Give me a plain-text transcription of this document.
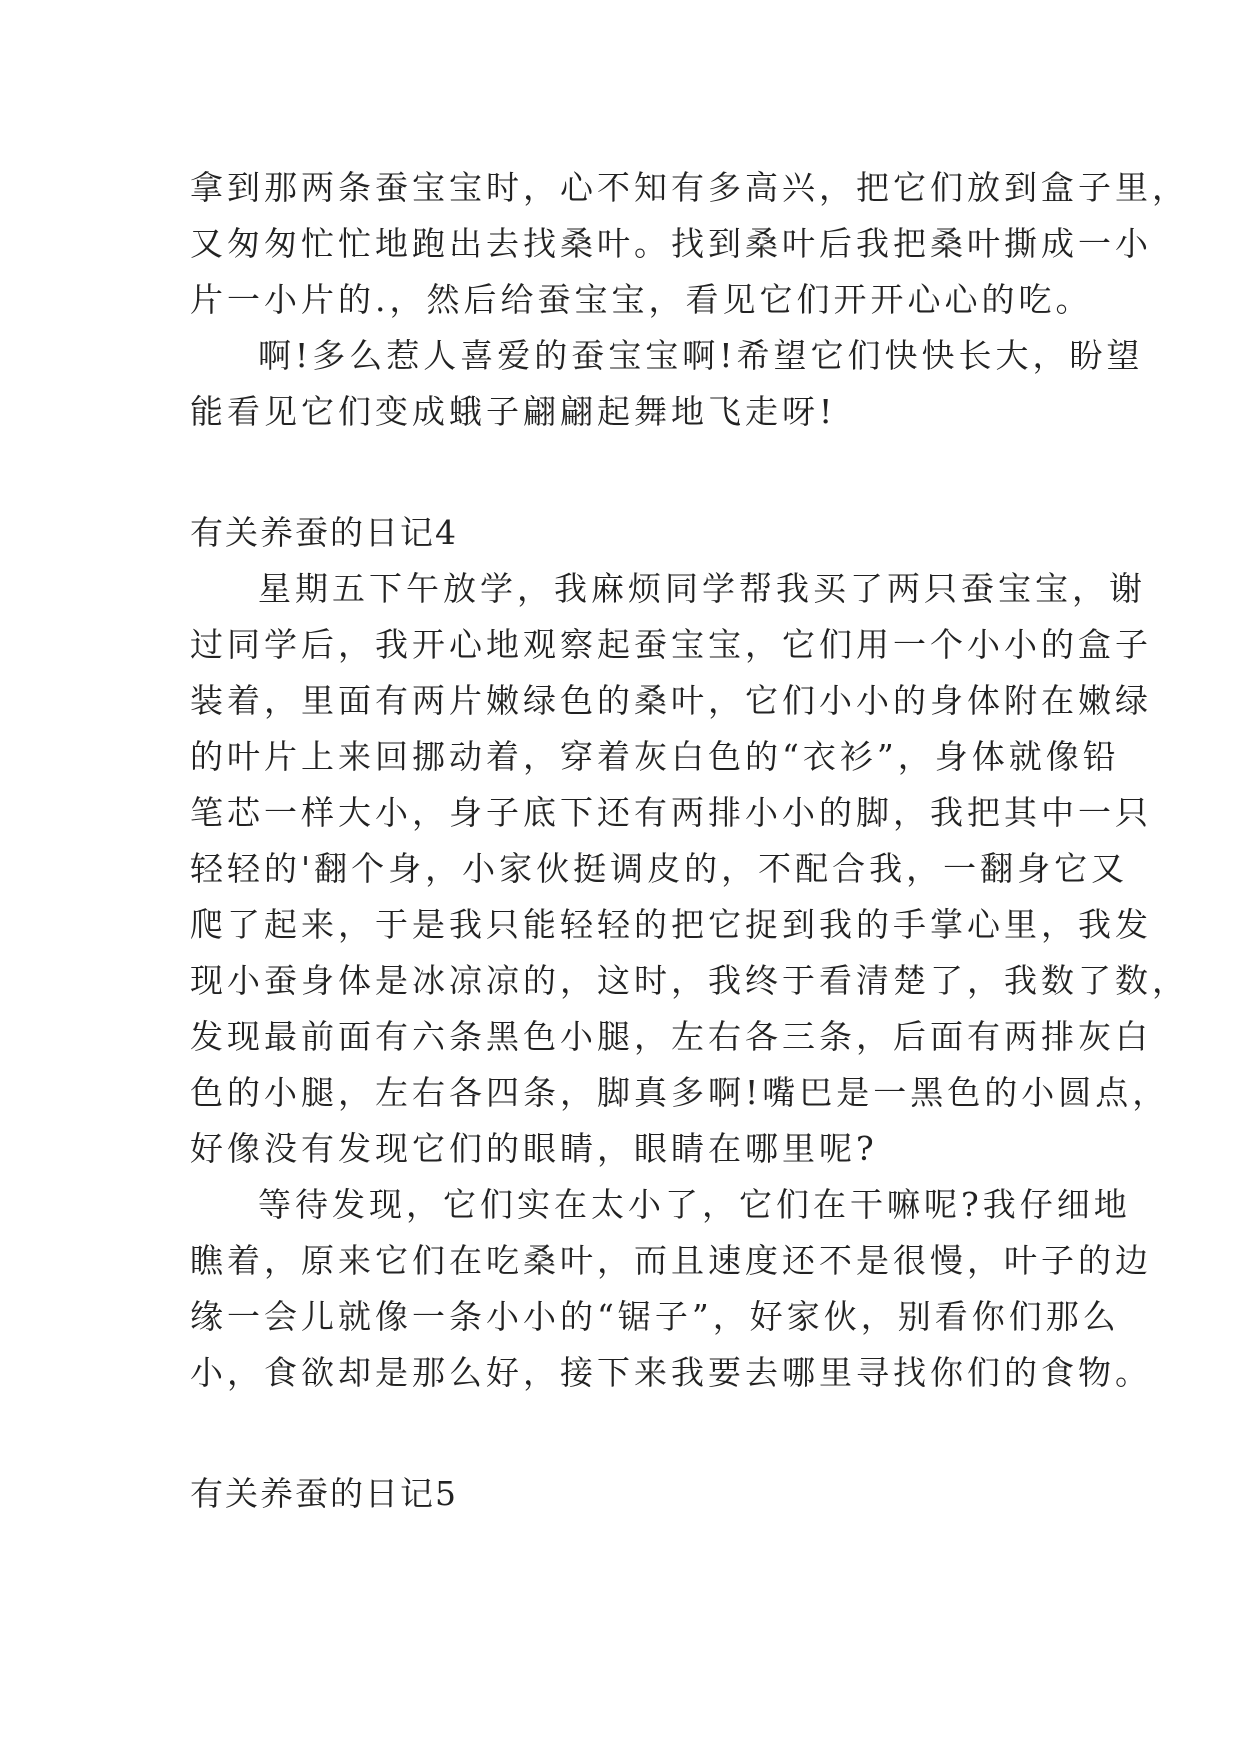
拿到那两条蚕宝宝时，心不知有多高兴，把它们放到盒子里，
又匆匆忙忙地跑出去找桑叶。找到桑叶后我把桑叶撕成一小
片一小片的.，然后给蚕宝宝，看见它们开开心心的吃。
啊!多么惹人喜爱的蚕宝宝啊!希望它们快快长大，盼望
能看见它们变成蛾子翩翩起舞地飞走呀!
有关养蚕的日记4
星期五下午放学，我麻烦同学帮我买了两只蚕宝宝，谢
过同学后，我开心地观察起蚕宝宝，它们用一个小小的盒子
装着，里面有两片嫩绿色的桑叶，它们小小的身体附在嫩绿
的叶片上来回挪动着，穿着灰白色的“衣衫”，身体就像铅
笔芯一样大小，身子底下还有两排小小的脚，我把其中一只
轻轻的'翻个身，小家伙挺调皮的，不配合我，一翻身它又
爬了起来，于是我只能轻轻的把它捉到我的手掌心里，我发
现小蚕身体是冰凉凉的，这时，我终于看清楚了，我数了数，
发现最前面有六条黑色小腿，左右各三条，后面有两排灰白
色的小腿，左右各四条，脚真多啊!嘴巴是一黑色的小圆点，
好像没有发现它们的眼睛，眼睛在哪里呢?
等待发现，它们实在太小了，它们在干嘛呢?我仔细地
瞧着，原来它们在吃桑叶，而且速度还不是很慢，叶子的边
缘一会儿就像一条小小的“锯子”，好家伙，别看你们那么
小，食欲却是那么好，接下来我要去哪里寻找你们的食物。
有关养蚕的日记5
